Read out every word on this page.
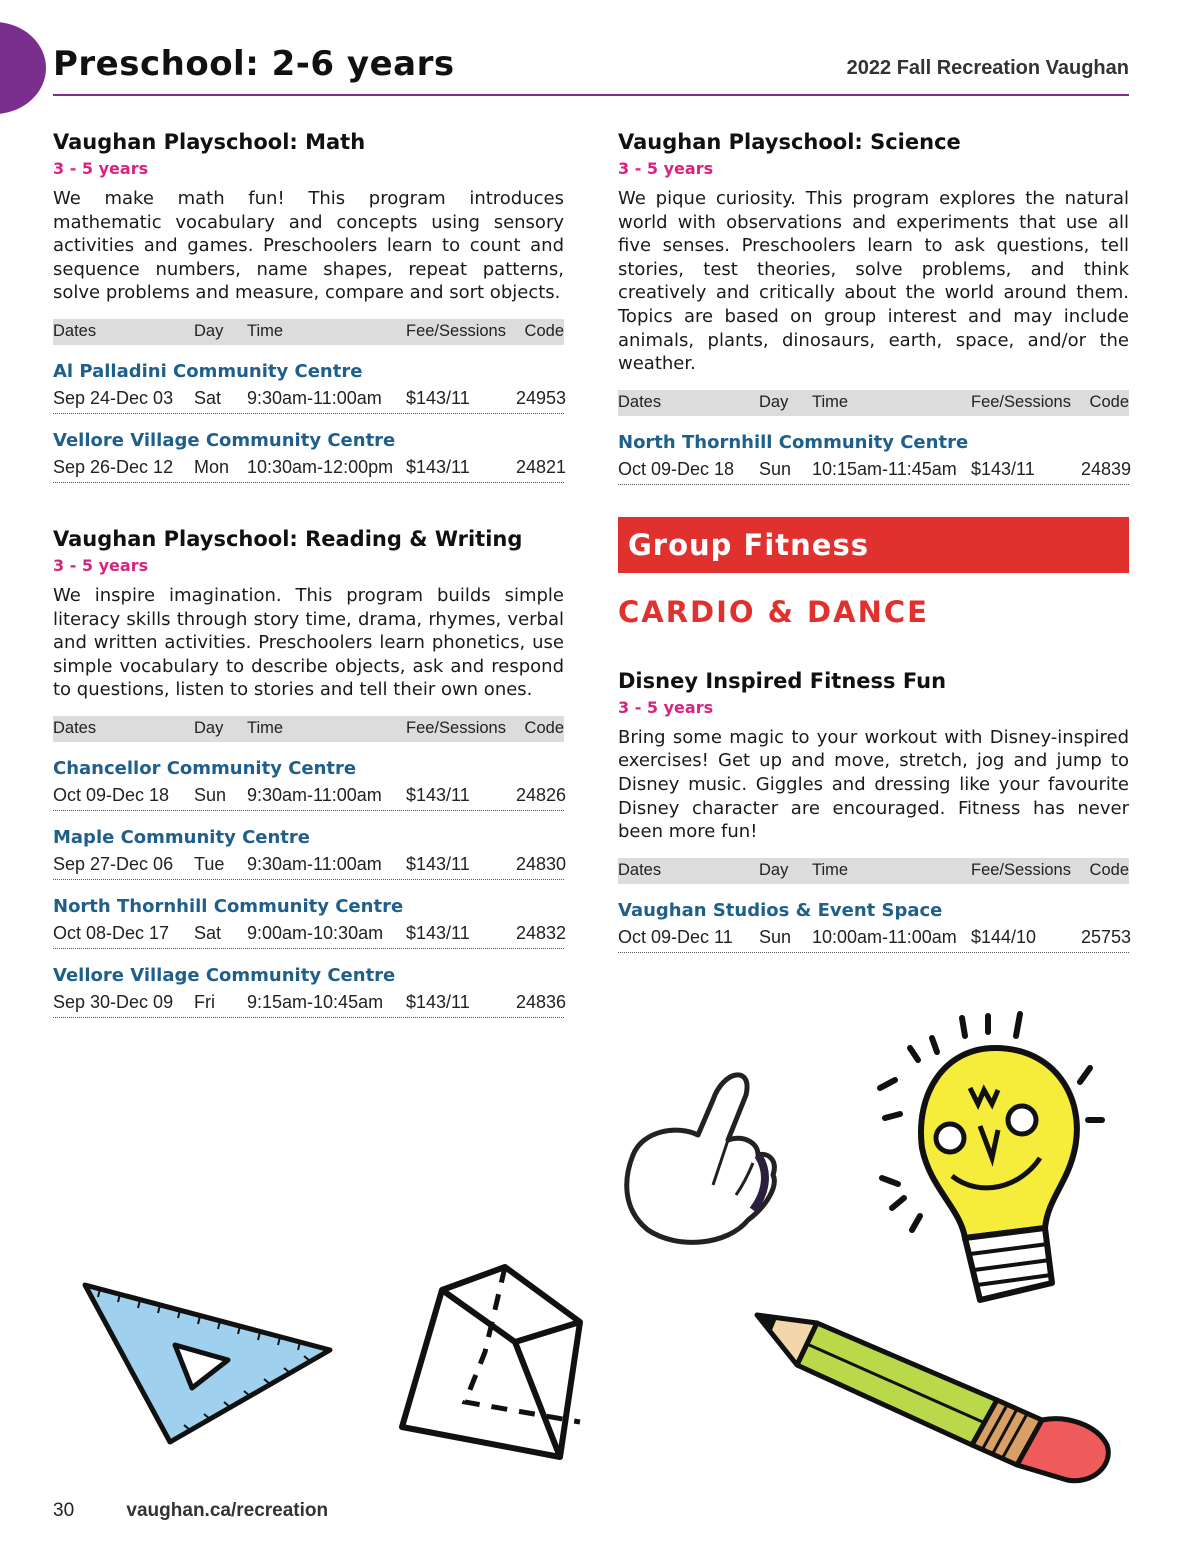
Preschool: 2-6 years	2022 Fall Recreation Vaughan
Vaughan Playschool: Math
3 - 5 years

We make math fun! This program introduces mathematic vocabulary and concepts using sensory activities and games. Preschoolers learn to count and sequence numbers, name shapes, repeat patterns, solve problems and measure, compare and sort objects.

Dates	Day	Time	Fee/Sessions	Code
Al Palladini Community Centre
Sep 24-Dec 03	Sat	9:30am-11:00am	$143/11	24953
Vellore Village Community Centre
Sep 26-Dec 12	Mon 10:30am-12:00pm $143/11	24821
Vaughan Playschool: Reading & Writing
3 - 5 years

We inspire imagination. This program builds simple literacy skills through story time, drama, rhymes, verbal and written activities. Preschoolers learn phonetics, use simple vocabulary to describe objects, ask and respond to questions, listen to stories and tell their own ones.

Dates	Day	Time	Fee/Sessions	Code
Chancellor Community Centre
Oct 09-Dec 18	Sun	9:30am-11:00am	$143/11	24826
Maple Community Centre
Sep 27-Dec 06	Tue	9:30am-11:00am	$143/11	24830
North Thornhill Community Centre
Oct 08-Dec 17	Sat	9:00am-10:30am	$143/11	24832
Vellore Village Community Centre
Sep 30-Dec 09	Fri	9:15am-10:45am	$143/11	24836
Vaughan Playschool: Science
3 - 5 years

We pique curiosity. This program explores the natural world with observations and experiments that use all five senses. Preschoolers learn to ask questions, tell stories, test theories, solve problems, and think creatively and critically about the world around them. Topics are based on group interest and may include animals, plants, dinosaurs, earth, space, and/or the weather.

Dates	Day	Time	Fee/Sessions	Code
North Thornhill Community Centre
Oct 09-Dec 18	Sun	10:15am-11:45am $143/11	24839
Group Fitness
CARDIO & DANCE
Disney Inspired Fitness Fun
3 - 5 years

Bring some magic to your workout with Disney-inspired exercises! Get up and move, stretch, jog and jump to Disney music. Giggles and dressing like your favourite Disney character are encouraged. Fitness has never been more fun!

Dates	Day	Time	Fee/Sessions	Code
Vaughan Studios & Event Space
Oct 09-Dec 11	Sun	10:00am-11:00am $144/10	25753
30	vaughan.ca/recreation
